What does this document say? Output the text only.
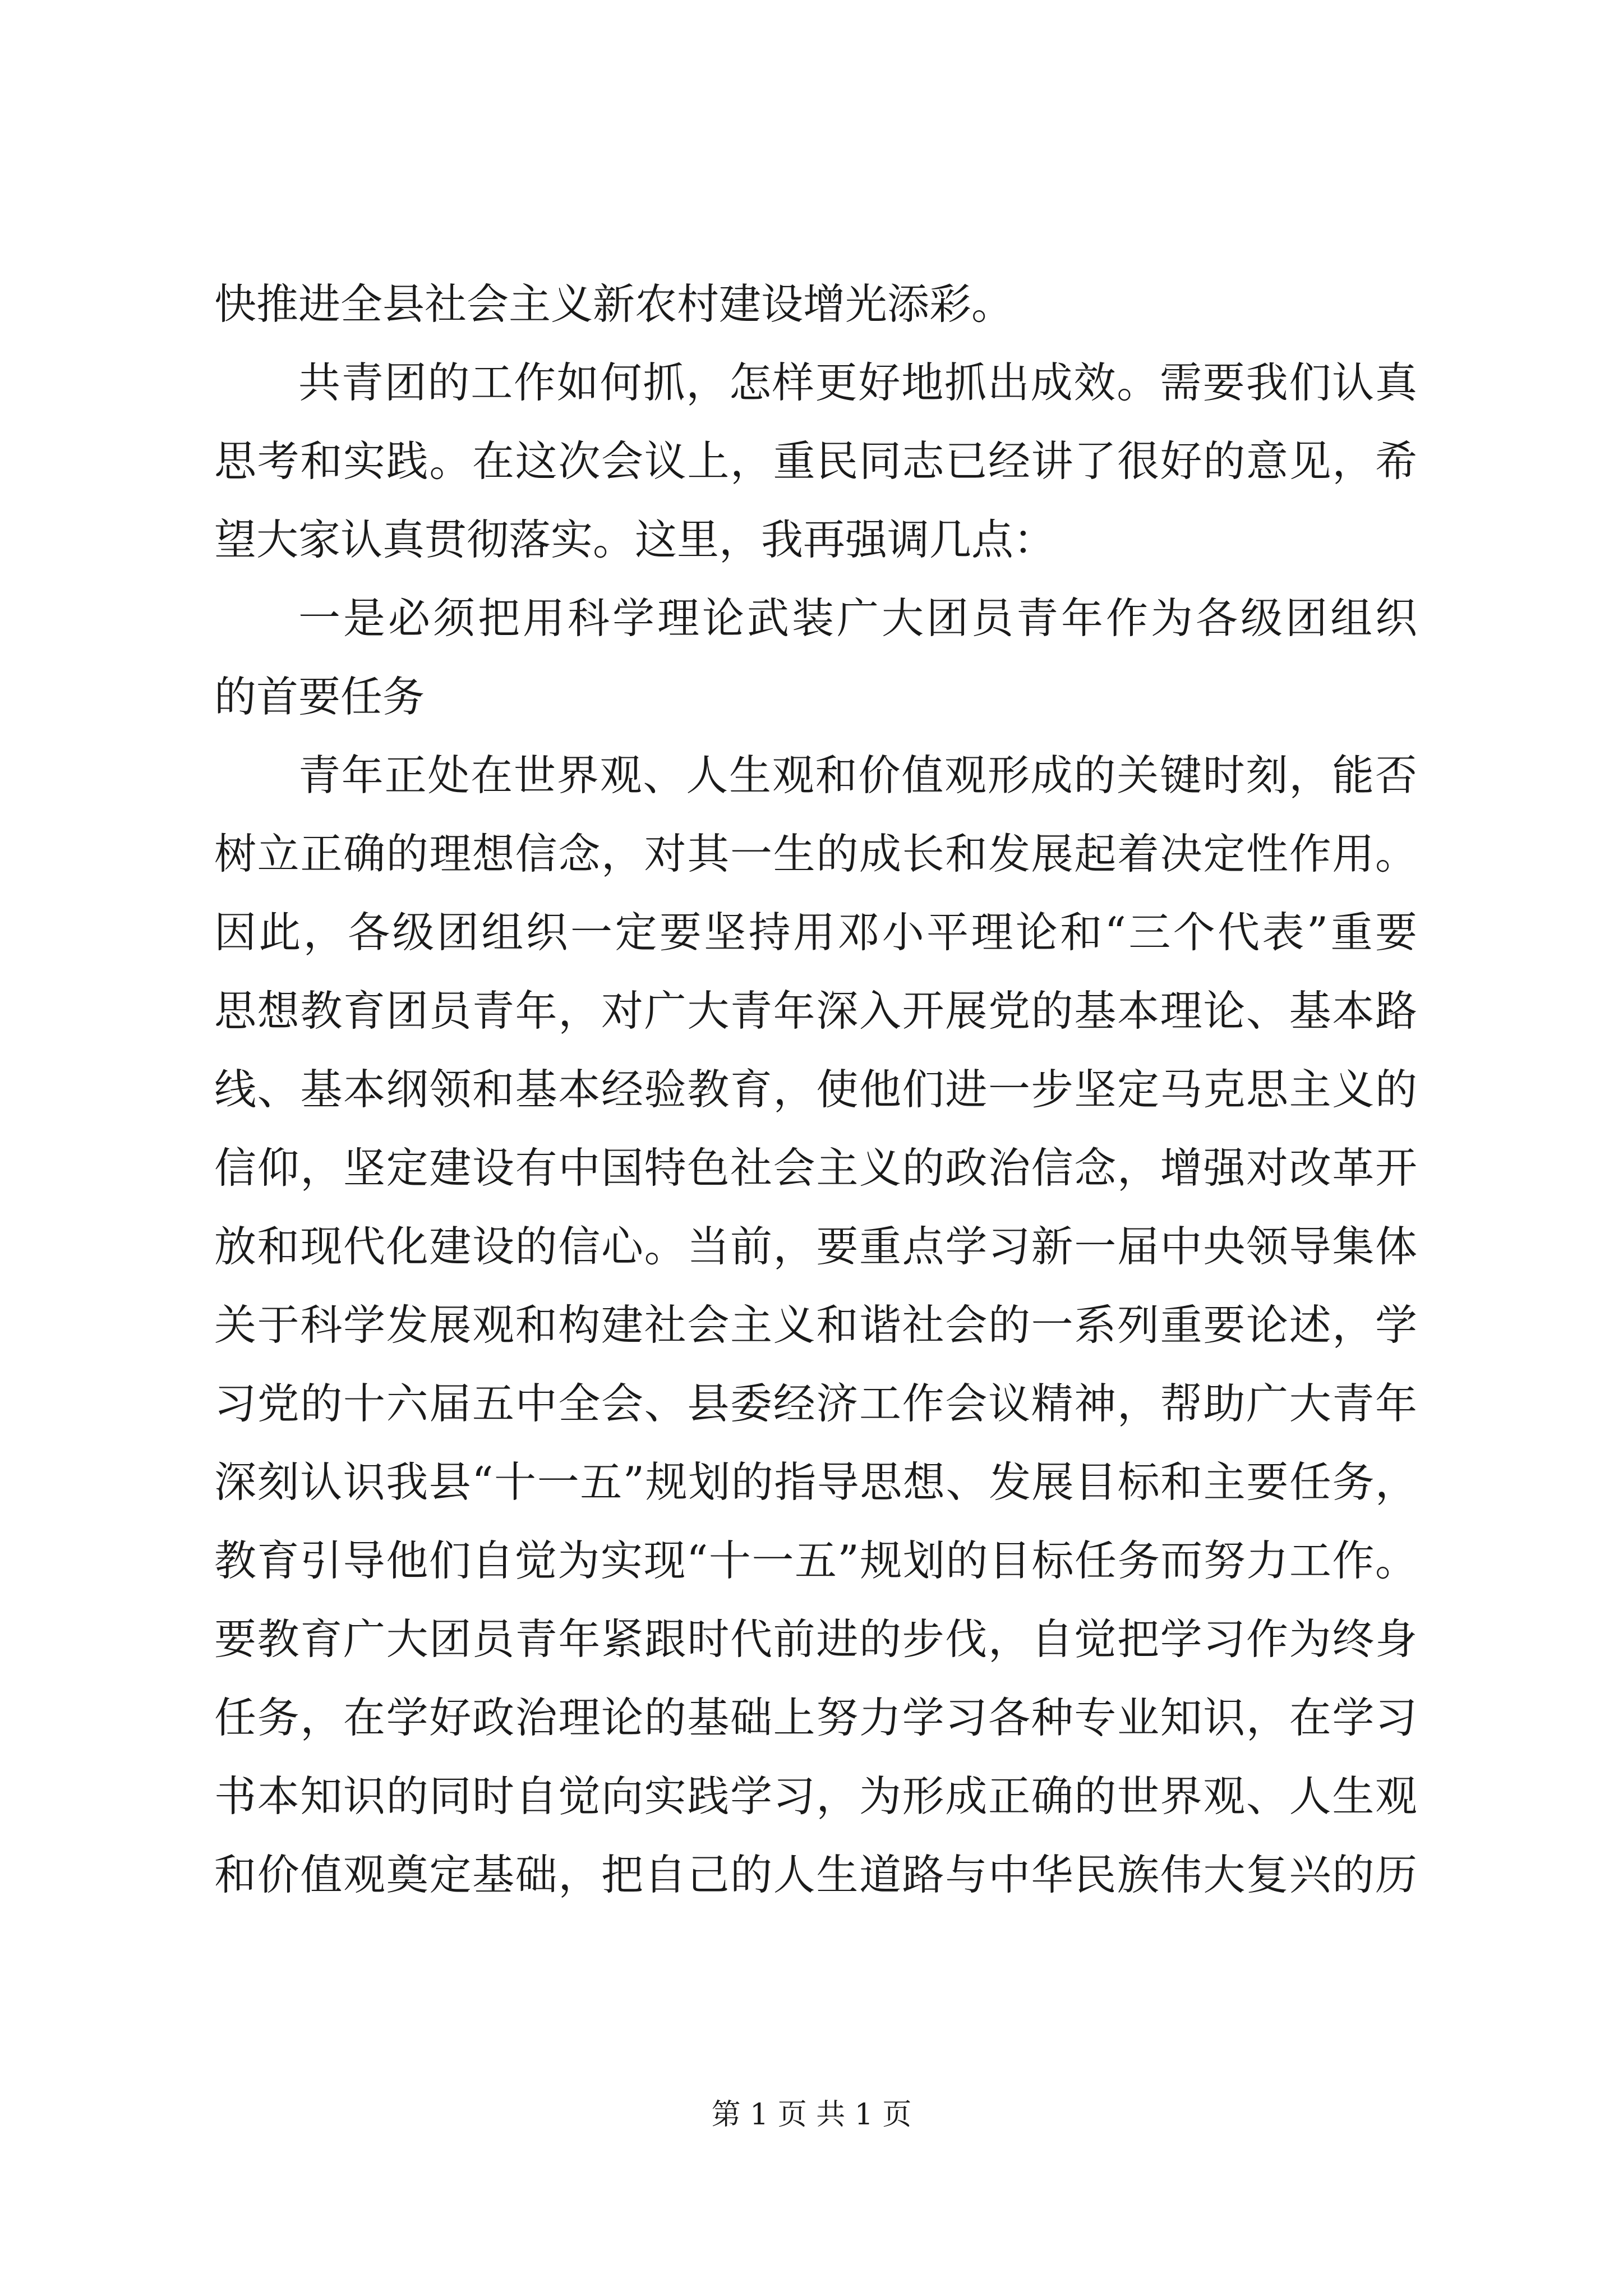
快推进全县社会主义新农村建设增光添彩。
共青团的工作如何抓，怎样更好地抓出成效。需要我们认真
思考和实践。在这次会议上，重民同志已经讲了很好的意见，希
望大家认真贯彻落实。这里，我再强调几点：
一是必须把用科学理论武装广大团员青年作为各级团组织
的首要任务
青年正处在世界观、人生观和价值观形成的关键时刻，能否
树立正确的理想信念，对其一生的成长和发展起着决定性作用。
因此，各级团组织一定要坚持用邓小平理论和“三个代表”重要
思想教育团员青年，对广大青年深入开展党的基本理论、基本路
线、基本纲领和基本经验教育，使他们进一步坚定马克思主义的
信仰，坚定建设有中国特色社会主义的政治信念，增强对改革开
放和现代化建设的信心。当前，要重点学习新一届中央领导集体
关于科学发展观和构建社会主义和谐社会的一系列重要论述，学
习党的十六届五中全会、县委经济工作会议精神，帮助广大青年
深刻认识我县“十一五”规划的指导思想、发展目标和主要任务，
教育引导他们自觉为实现“十一五”规划的目标任务而努力工作。
要教育广大团员青年紧跟时代前进的步伐，自觉把学习作为终身
任务，在学好政治理论的基础上努力学习各种专业知识，在学习
书本知识的同时自觉向实践学习，为形成正确的世界观、人生观
和价值观奠定基础，把自己的人生道路与中华民族伟大复兴的历
第 1 页 共 1 页
